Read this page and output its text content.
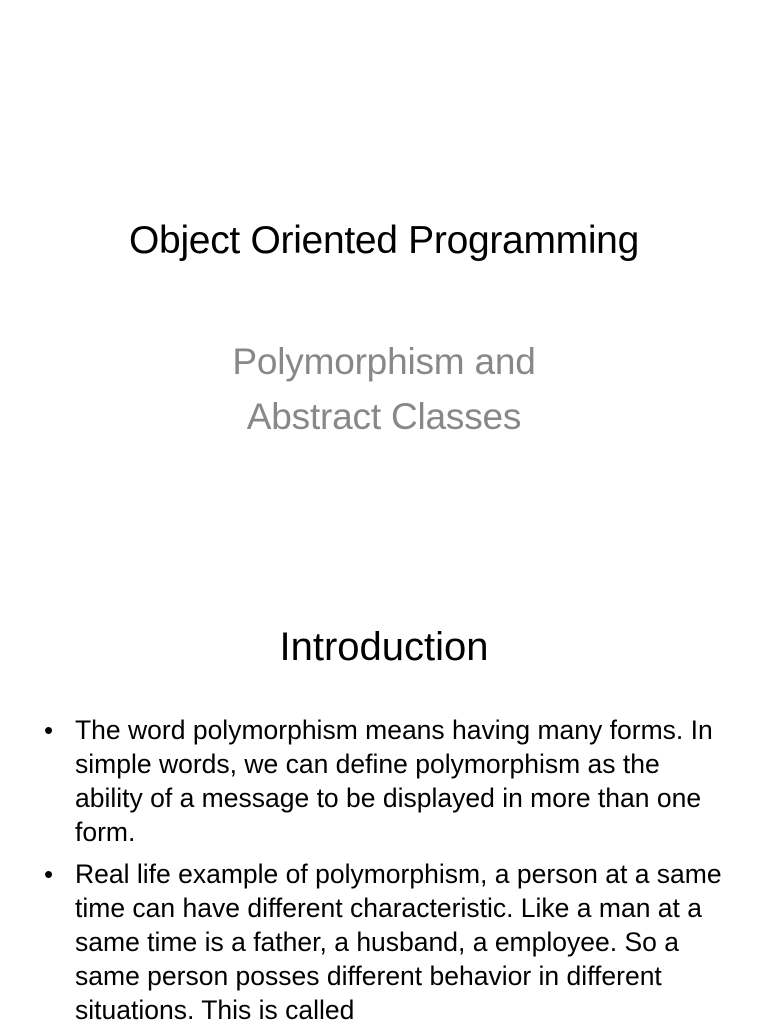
Object Oriented Programming
Polymorphism and
Abstract Classes
Introduction
• The word polymorphism means having many forms. In simple words, we can define polymorphism as the ability of a message to be displayed in more than one form.
• Real life example of polymorphism, a person at a same time can have different characteristic. Like a man at a same time is a father, a husband, a employee. So a same person posses different behavior in different situations. This is called
